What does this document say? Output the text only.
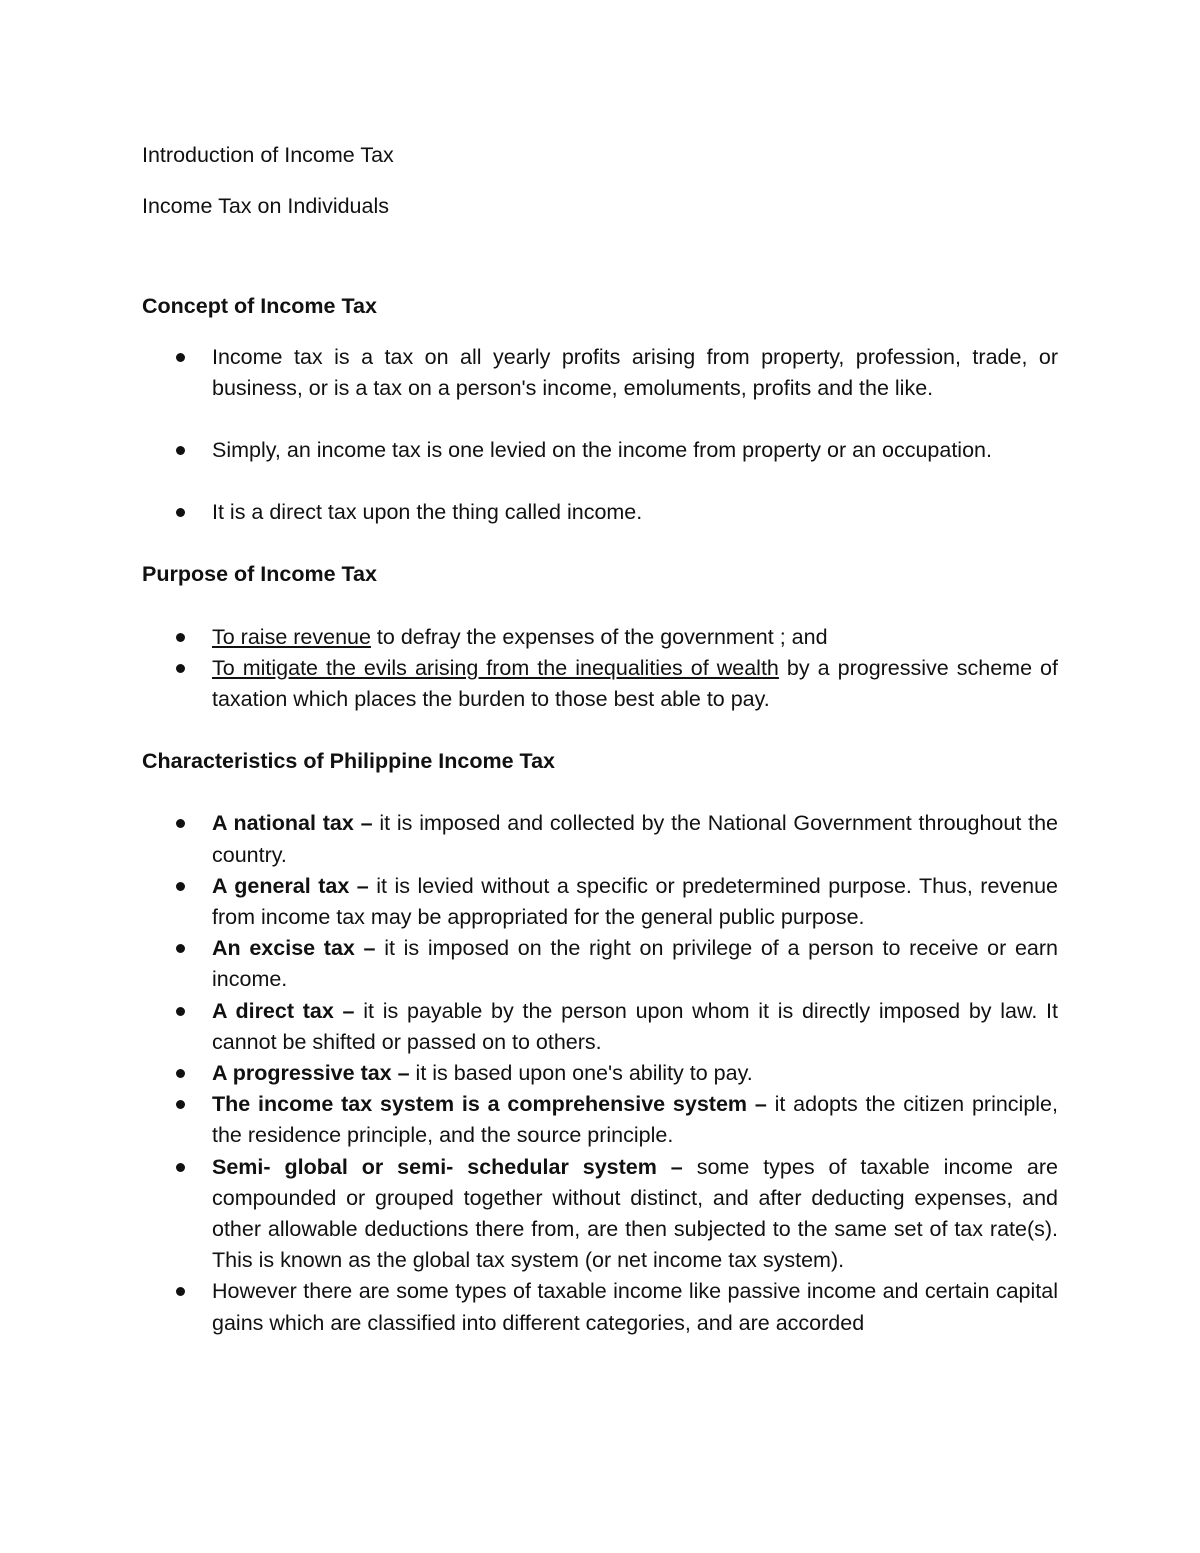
Introduction of Income Tax

Income Tax on Individuals

Concept of Income Tax

Income tax is a tax on all yearly profits arising from property, profession, trade, or business, or is a tax on a person's income, emoluments, profits and the like.
Simply, an income tax is one levied on the income from property or an occupation.
It is a direct tax upon the thing called income.

Purpose of Income Tax

To raise revenue to defray the expenses of the government ; and
To mitigate the evils arising from the inequalities of wealth by a progressive scheme of taxation which places the burden to those best able to pay.

Characteristics of Philippine Income Tax

A national tax – it is imposed and collected by the National Government throughout the country.
A general tax – it is levied without a specific or predetermined purpose. Thus, revenue from income tax may be appropriated for the general public purpose.
An excise tax – it is imposed on the right on privilege of a person to receive or earn income.
A direct tax – it is payable by the person upon whom it is directly imposed by law. It cannot be shifted or passed on to others.
A progressive tax – it is based upon one's ability to pay.
The income tax system is a comprehensive system – it adopts the citizen principle, the residence principle, and the source principle.
Semi- global or semi- schedular system – some types of taxable income are compounded or grouped together without distinct, and after deducting expenses, and other allowable deductions there from, are then subjected to the same set of tax rate(s). This is known as the global tax system (or net income tax system).
However there are some types of taxable income like passive income and certain capital gains which are classified into different categories, and are accorded
